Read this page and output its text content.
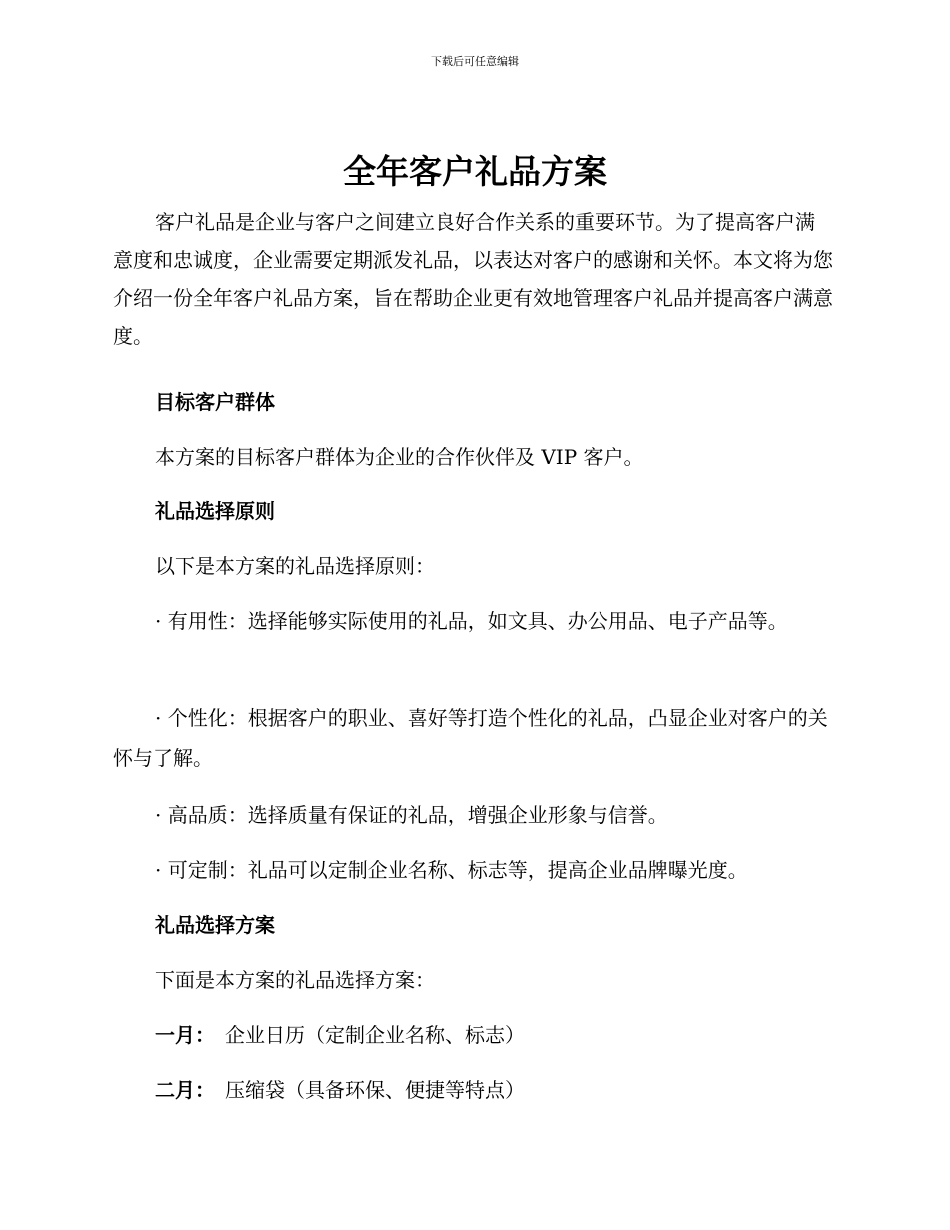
下载后可任意编辑
全年客户礼品方案

客户礼品是企业与客户之间建立良好合作关系的重要环节。为了提高客户满意度和忠诚度，企业需要定期派发礼品，以表达对客户的感谢和关怀。本文将为您介绍一份全年客户礼品方案，旨在帮助企业更有效地管理客户礼品并提高客户满意度。

目标客户群体

本方案的目标客户群体为企业的合作伙伴及 VIP 客户。

礼品选择原则

以下是本方案的礼品选择原则：

· 有用性：选择能够实际使用的礼品，如文具、办公用品、电子产品等。

· 个性化：根据客户的职业、喜好等打造个性化的礼品，凸显企业对客户的关怀与了解。

· 高品质：选择质量有保证的礼品，增强企业形象与信誉。

· 可定制：礼品可以定制企业名称、标志等，提高企业品牌曝光度。

礼品选择方案

下面是本方案的礼品选择方案：

一月： 企业日历（定制企业名称、标志）

二月： 压缩袋（具备环保、便捷等特点）
